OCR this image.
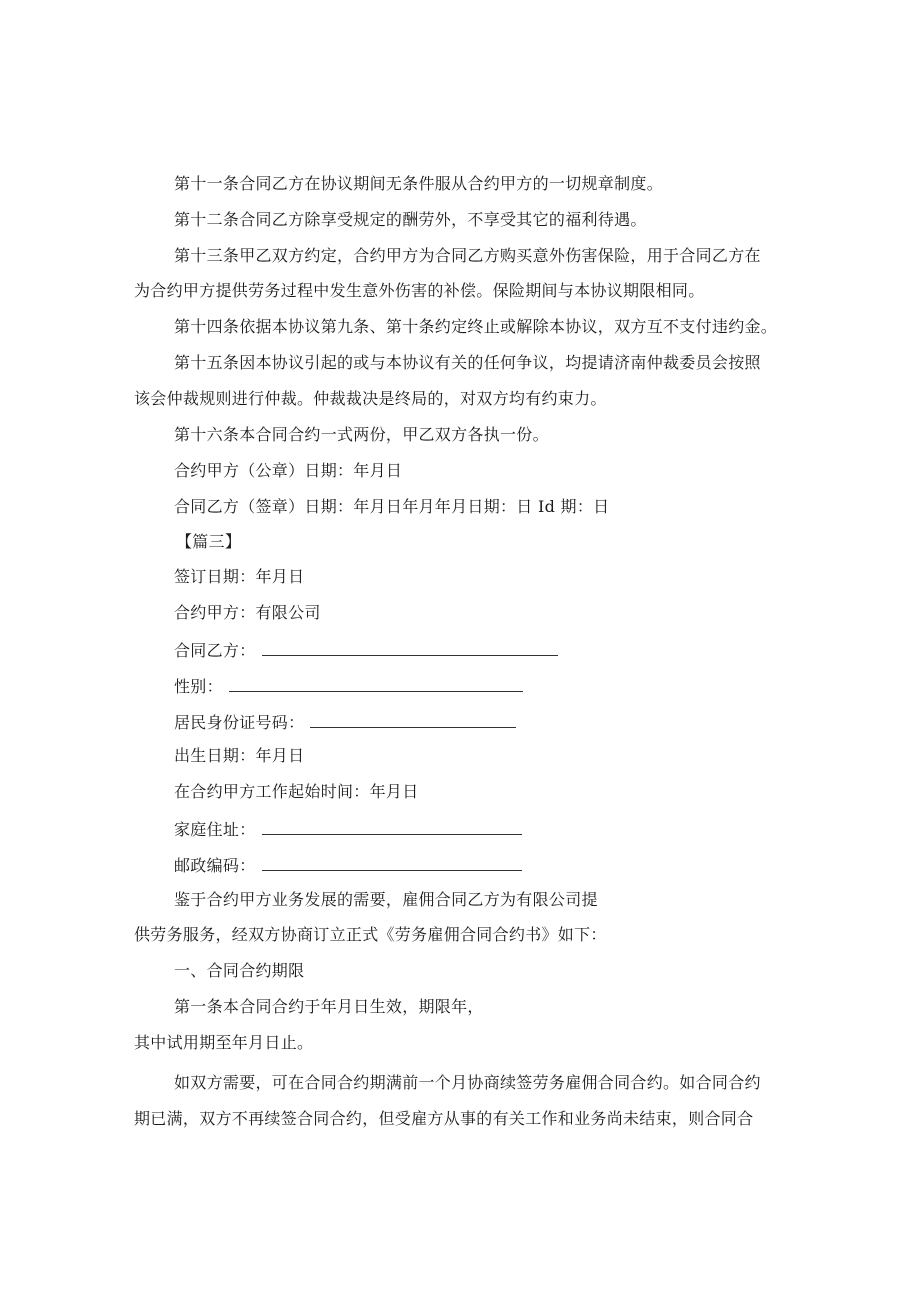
第十一条合同乙方在协议期间无条件服从合约甲方的一切规章制度。

第十二条合同乙方除享受规定的酬劳外，不享受其它的福利待遇。

第十三条甲乙双方约定，合约甲方为合同乙方购买意外伤害保险，用于合同乙方在

为合约甲方提供劳务过程中发生意外伤害的补偿。保险期间与本协议期限相同。

第十四条依据本协议第九条、第十条约定终止或解除本协议，双方互不支付违约金。

第十五条因本协议引起的或与本协议有关的任何争议，均提请济南仲裁委员会按照

该会仲裁规则进行仲裁。仲裁裁决是终局的，对双方均有约束力。

第十六条本合同合约一式两份，甲乙双方各执一份。

合约甲方（公章）日期：年月日

合同乙方（签章）日期：年月日年月年月日期：日 Id 期：日

【篇三】

签订日期：年月日

合约甲方：有限公司

合同乙方：

性别：

居民身份证号码：

出生日期：年月日

在合约甲方工作起始时间：年月日

家庭住址：

邮政编码：

鉴于合约甲方业务发展的需要，雇佣合同乙方为有限公司提

供劳务服务，经双方协商订立正式《劳务雇佣合同合约书》如下：

一、合同合约期限

第一条本合同合约于年月日生效，期限年，

其中试用期至年月日止。

如双方需要，可在合同合约期满前一个月协商续签劳务雇佣合同合约。如合同合约

期已满，双方不再续签合同合约，但受雇方从事的有关工作和业务尚未结束，则合同合
